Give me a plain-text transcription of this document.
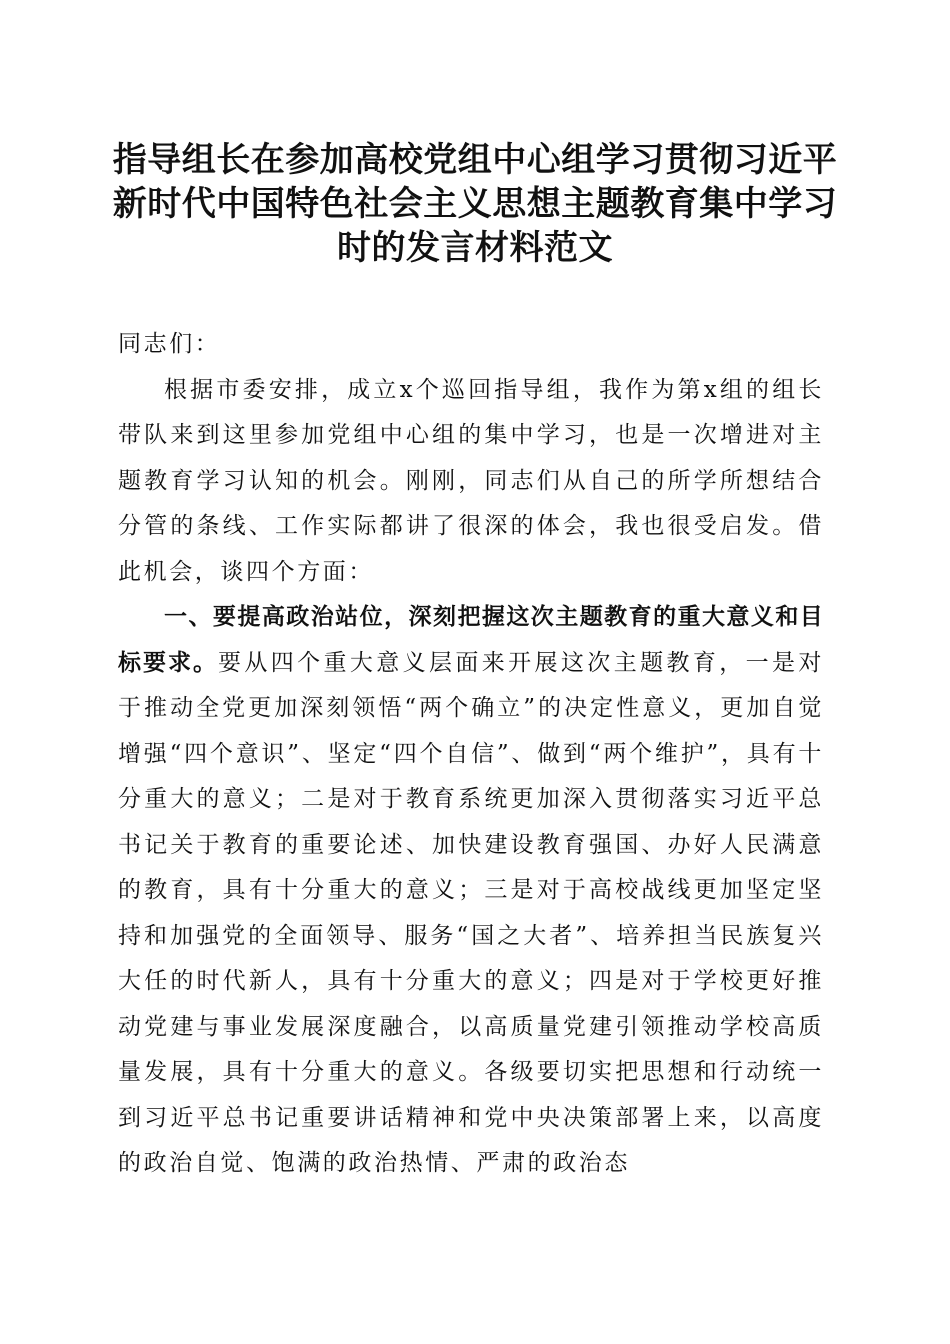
指导组长在参加高校党组中心组学习贯彻习近平新时代中国特色社会主义思想主题教育集中学习时的发言材料范文

同志们：

根据市委安排，成立x个巡回指导组，我作为第x组的组长带队来到这里参加党组中心组的集中学习，也是一次增进对主题教育学习认知的机会。刚刚，同志们从自己的所学所想结合分管的条线、工作实际都讲了很深的体会，我也很受启发。借此机会，谈四个方面：

一、要提高政治站位，深刻把握这次主题教育的重大意义和目标要求。要从四个重大意义层面来开展这次主题教育，一是对于推动全党更加深刻领悟“两个确立”的决定性意义，更加自觉增强“四个意识”、坚定“四个自信”、做到“两个维护”，具有十分重大的意义；二是对于教育系统更加深入贯彻落实习近平总书记关于教育的重要论述、加快建设教育强国、办好人民满意的教育，具有十分重大的意义；三是对于高校战线更加坚定坚持和加强党的全面领导、服务“国之大者”、培养担当民族复兴大任的时代新人，具有十分重大的意义；四是对于学校更好推动党建与事业发展深度融合，以高质量党建引领推动学校高质量发展，具有十分重大的意义。各级要切实把思想和行动统一到习近平总书记重要讲话精神和党中央决策部署上来，以高度的政治自觉、饱满的政治热情、严肃的政治态
